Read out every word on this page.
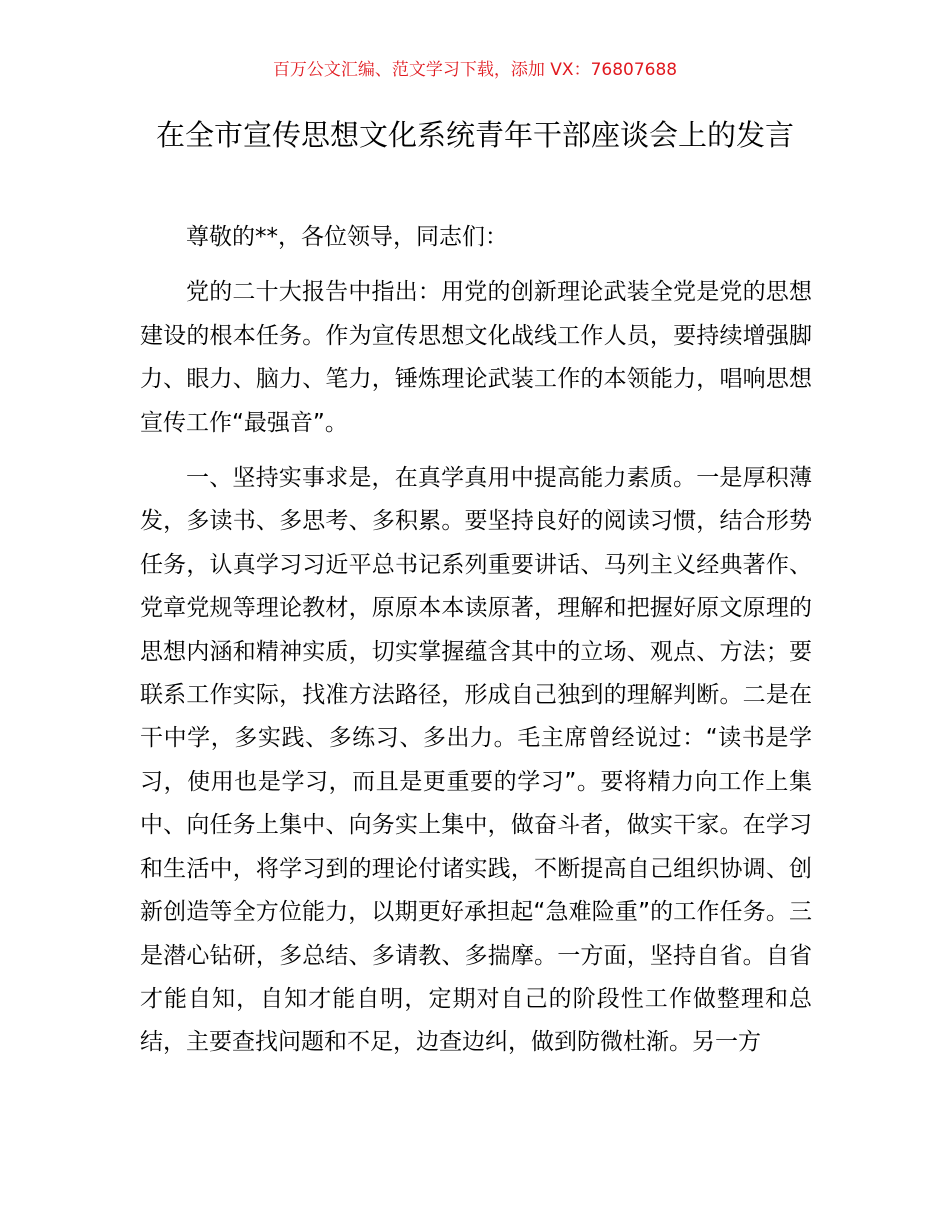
百万公文汇编、范文学习下载，添加 VX：76807688
在全市宣传思想文化系统青年干部座谈会上的发言

尊敬的**，各位领导，同志们：

党的二十大报告中指出：用党的创新理论武装全党是党的思想建设的根本任务。作为宣传思想文化战线工作人员，要持续增强脚力、眼力、脑力、笔力，锤炼理论武装工作的本领能力，唱响思想宣传工作“最强音”。

一、坚持实事求是，在真学真用中提高能力素质。一是厚积薄发，多读书、多思考、多积累。要坚持良好的阅读习惯，结合形势任务，认真学习习近平总书记系列重要讲话、马列主义经典著作、党章党规等理论教材，原原本本读原著，理解和把握好原文原理的思想内涵和精神实质，切实掌握蕴含其中的立场、观点、方法；要联系工作实际，找准方法路径，形成自己独到的理解判断。二是在干中学，多实践、多练习、多出力。毛主席曾经说过：“读书是学习，使用也是学习，而且是更重要的学习”。要将精力向工作上集中、向任务上集中、向务实上集中，做奋斗者，做实干家。在学习和生活中，将学习到的理论付诸实践，不断提高自己组织协调、创新创造等全方位能力，以期更好承担起“急难险重”的工作任务。三是潜心钻研，多总结、多请教、多揣摩。一方面，坚持自省。自省才能自知，自知才能自明，定期对自己的阶段性工作做整理和总结，主要查找问题和不足，边查边纠，做到防微杜渐。另一方
